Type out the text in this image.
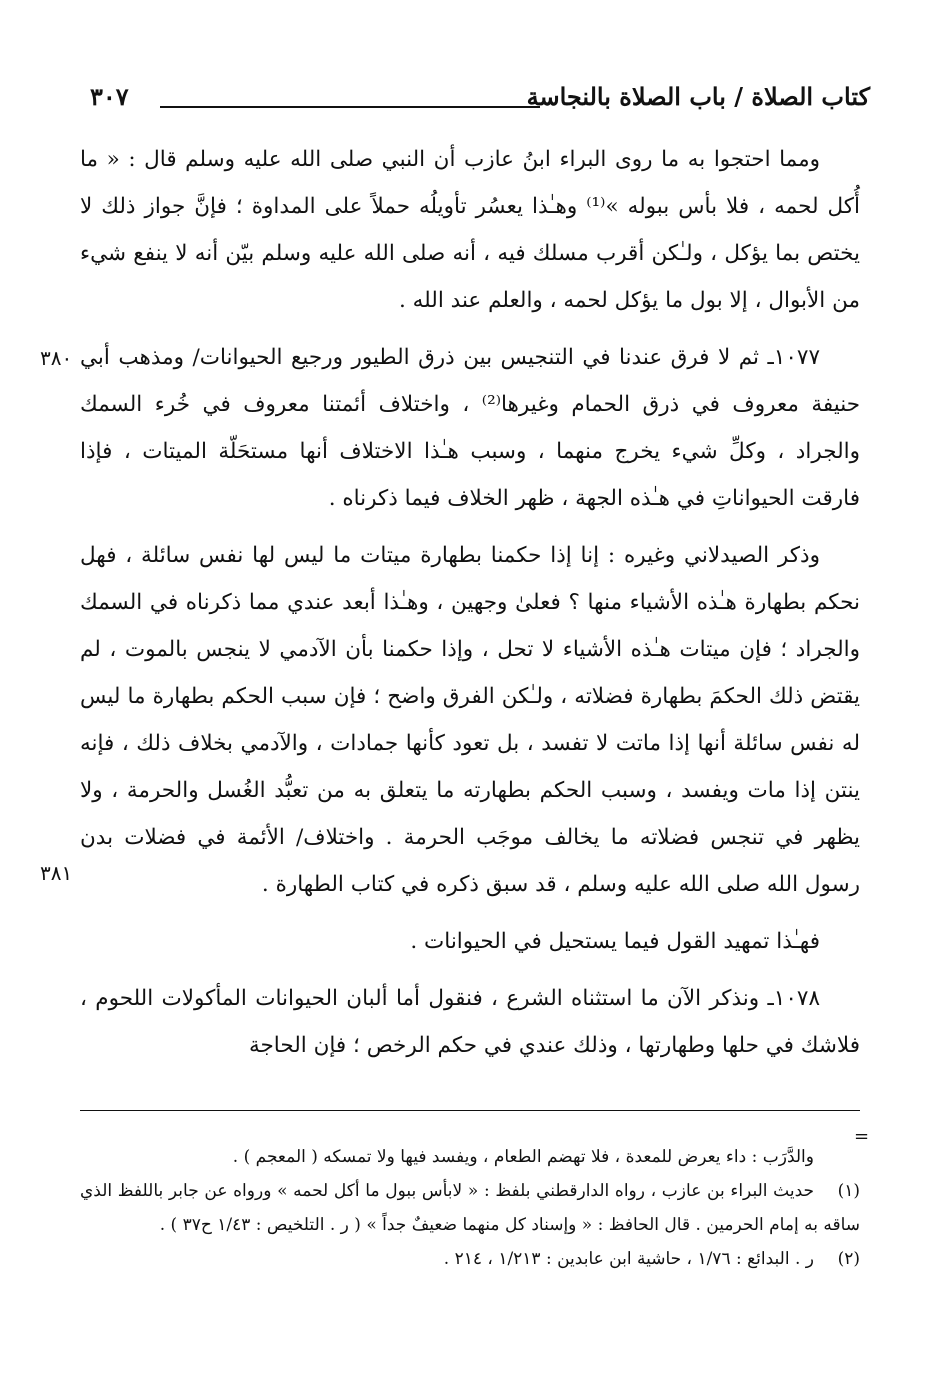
٣٠٧	كتاب الصلاة / باب الصلاة بالنجاسة

ومما احتجوا به ما روى البراء ابنُ عازب أن النبي صلى الله عليه وسلم قال : « ما أُكل لحمه ، فلا بأس ببوله »⁽¹⁾ وهـٰذا يعسُر تأويلُه حملاً على المداوة ؛ فإنَّ جواز ذلك لا يختص بما يؤكل ، ولـٰكن أقرب مسلك فيه ، أنه صلى الله عليه وسلم بيّن أنه لا ينفع شيء من الأبوال ، إلا بول ما يؤكل لحمه ، والعلم عند الله .

١٠٧٧ـ ثم لا فرق عندنا في التنجيس بين ذرق الطيور ورجيع الحيوانات/ ومذهب أبي حنيفة معروف في ذرق الحمام وغيرها⁽²⁾ ، واختلاف أئمتنا معروف في خُرء السمك والجراد ، وكلِّ شيء يخرج منهما ، وسبب هـٰذا الاختلاف أنها مستحَلّة الميتات ، فإذا فارقت الحيواناتِ في هـٰذه الجهة ، ظهر الخلاف فيما ذكرناه .

وذكر الصيدلاني وغيره : إنا إذا حكمنا بطهارة ميتات ما ليس لها نفس سائلة ، فهل نحكم بطهارة هـٰذه الأشياء منها ؟ فعلىٰ وجهين ، وهـٰذا أبعد عندي مما ذكرناه في السمك والجراد ؛ فإن ميتات هـٰذه الأشياء لا تحل ، وإذا حكمنا بأن الآدمي لا ينجس بالموت ، لم يقتض ذلك الحكمَ بطهارة فضلاته ، ولـٰكن الفرق واضح ؛ فإن سبب الحكم بطهارة ما ليس له نفس سائلة أنها إذا ماتت لا تفسد ، بل تعود كأنها جمادات ، والآدمي بخلاف ذلك ، فإنه ينتن إذا مات ويفسد ، وسبب الحكم بطهارته ما يتعلق به من تعبُّد الغُسل والحرمة ، ولا يظهر في تنجس فضلاته ما يخالف موجَب الحرمة . واختلاف/ الأئمة في فضلات بدن رسول الله صلى الله عليه وسلم ، قد سبق ذكره في كتاب الطهارة .

فهـٰذا تمهيد القول فيما يستحيل في الحيوانات .

١٠٧٨ـ ونذكر الآن ما استثناه الشرع ، فنقول أما ألبان الحيوانات المأكولات اللحوم ، فلاشك في حلها وطهارتها ، وذلك عندي في حكم الرخص ؛ فإن الحاجة

٣٨٠
٣٨١
=

والدَّرَب : داء يعرض للمعدة ، فلا تهضم الطعام ، ويفسد فيها ولا تمسكه ( المعجم ) .

(١)حديث البراء بن عازب ، رواه الدارقطني بلفظ : « لابأس ببول ما أكل لحمه » ورواه عن جابر باللفظ الذي ساقه به إمام الحرمين . قال الحافظ : « وإسناد كل منهما ضعيفٌ جداً » ( ر . التلخيص : ١/٤٣ ح٣٧ ) .

(٢)ر . البدائع : ١/٧٦ ، حاشية ابن عابدين : ١/٢١٣ ، ٢١٤ .
